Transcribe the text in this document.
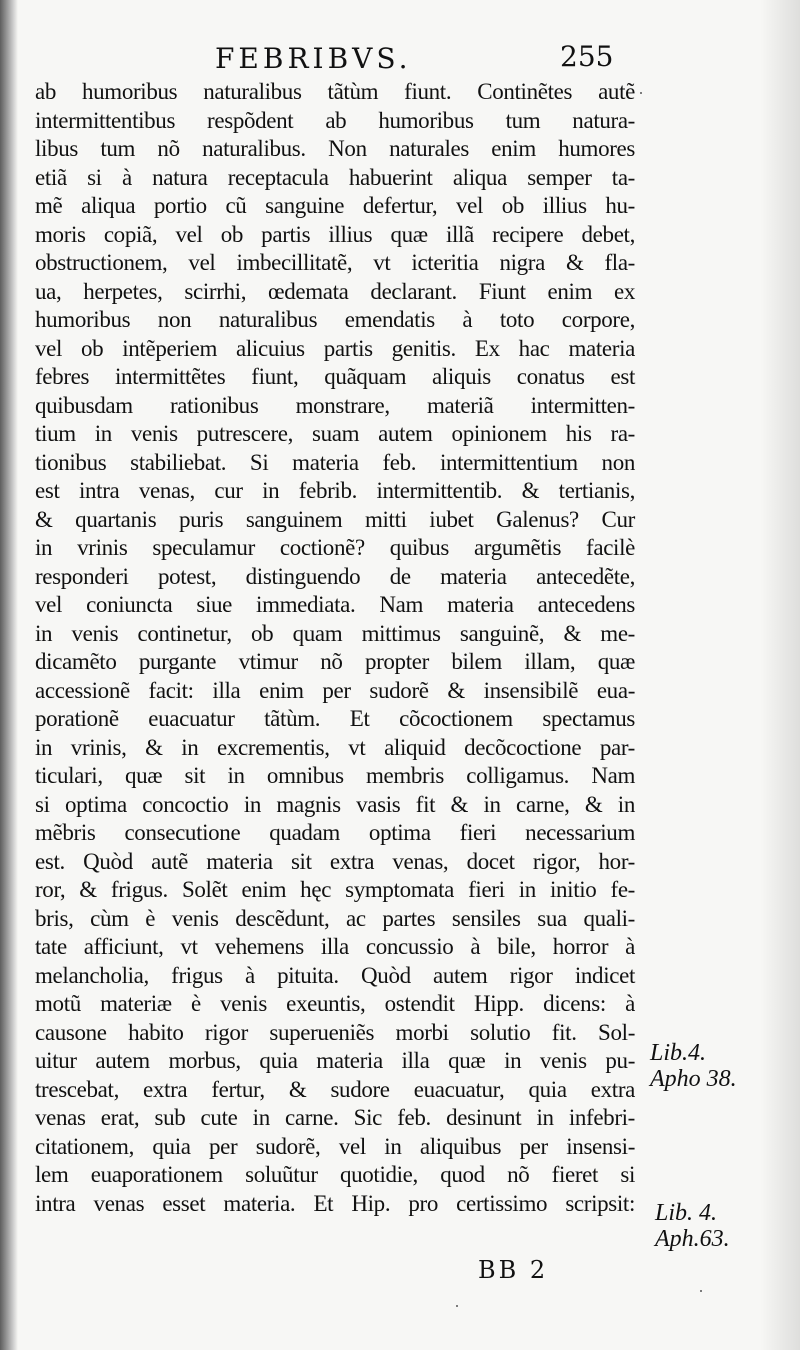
FEBRIBVS.	255
ab humoribus naturalibus tãtùm fiunt. Continẽtes autẽ
intermittentibus respõdent ab humoribus tum natura-
libus tum nõ naturalibus. Non naturales enim humores
etiã si à natura receptacula habuerint aliqua semper ta-
mẽ aliqua portio cũ sanguine defertur, vel ob illius hu-
moris copiã, vel ob partis illius quæ illã recipere debet,
obstructionem, vel imbecillitatẽ, vt icteritia nigra & fla-
ua, herpetes, scirrhi, œdemata declarant. Fiunt enim ex
humoribus non naturalibus emendatis à toto corpore,
vel ob intẽperiem alicuius partis genitis. Ex hac materia
febres intermittẽtes fiunt, quãquam aliquis conatus est
quibusdam rationibus monstrare, materiã intermitten-
tium in venis putrescere, suam autem opinionem his ra-
tionibus stabiliebat. Si materia feb. intermittentium non
est intra venas, cur in febrib. intermittentib. & tertianis,
& quartanis puris sanguinem mitti iubet Galenus? Cur
in vrinis speculamur coctionẽ? quibus argumẽtis facilè
responderi potest, distinguendo de materia antecedẽte,
vel coniuncta siue immediata. Nam materia antecedens
in venis continetur, ob quam mittimus sanguinẽ, & me-
dicamẽto purgante vtimur nõ propter bilem illam, quæ
accessionẽ facit: illa enim per sudorẽ & insensibilẽ eua-
porationẽ euacuatur tãtùm. Et cõcoctionem spectamus
in vrinis, & in excrementis, vt aliquid decõcoctione par-
ticulari, quæ sit in omnibus membris colligamus. Nam
si optima concoctio in magnis vasis fit & in carne, & in
mẽbris consecutione quadam optima fieri necessarium
est. Quòd autẽ materia sit extra venas, docet rigor, hor-
ror, & frigus. Solẽt enim hęc symptomata fieri in initio fe-
bris, cùm è venis descẽdunt, ac partes sensiles sua quali-
tate afficiunt, vt vehemens illa concussio à bile, horror à
melancholia, frigus à pituita. Quòd autem rigor indicet
motũ materiæ è venis exeuntis, ostendit Hipp. dicens: à
causone habito rigor superueniẽs morbi solutio fit. Sol-
uitur autem morbus, quia materia illa quæ in venis pu-
trescebat, extra fertur, & sudore euacuatur, quia extra
venas erat, sub cute in carne. Sic feb. desinunt in infebri-
citationem, quia per sudorẽ, vel in aliquibus per insensi-
lem euaporationem soluũtur quotidie, quod nõ fieret si
intra venas esset materia. Et Hip. pro certissimo scripsit:
Lib.4.
Apho 38.
Lib. 4.
Aph.63.
BB 2
